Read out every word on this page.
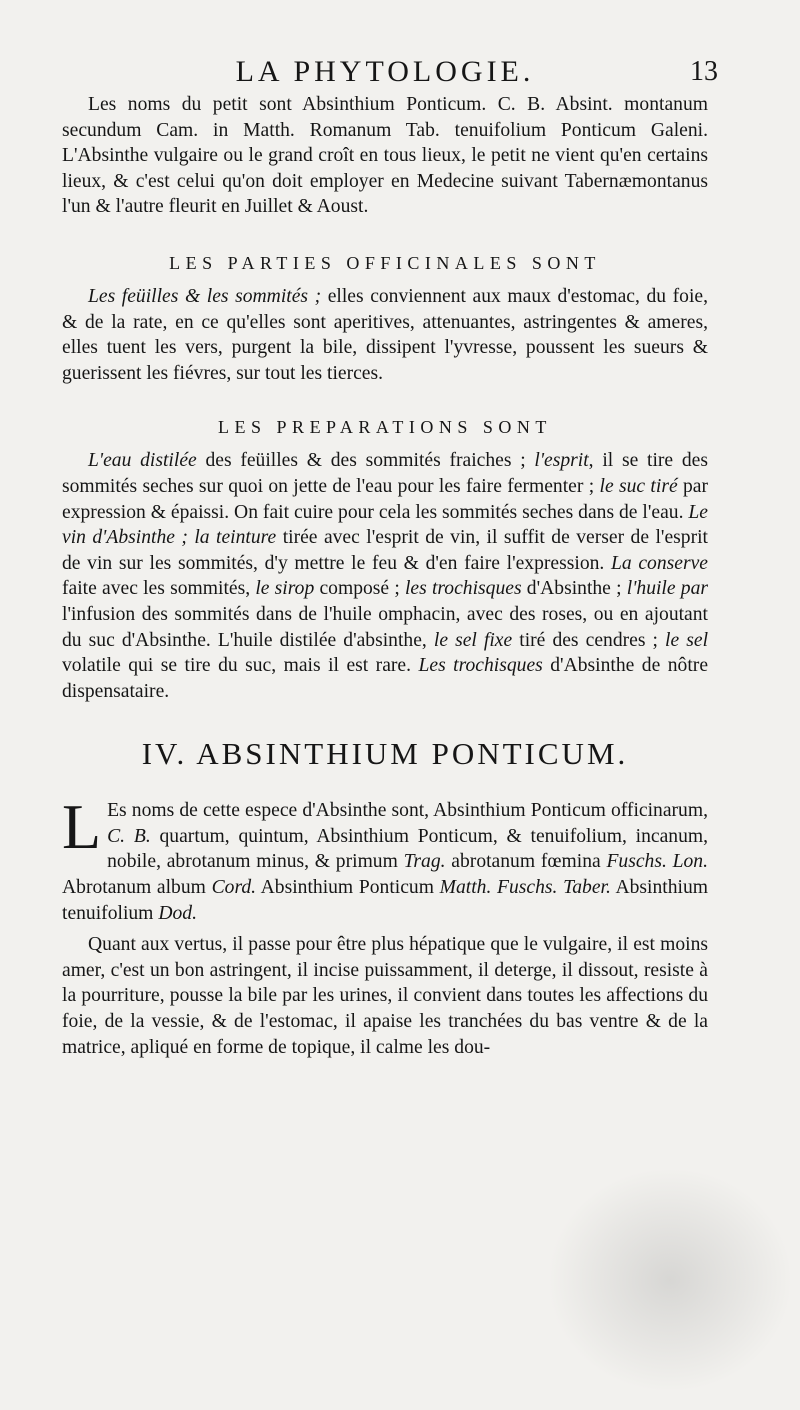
LA PHYTOLOGIE.	13

Les noms du petit sont Absinthium Ponticum. C. B. Absint. montanum secundum Cam. in Matth. Romanum Tab. tenuifolium Ponticum Galeni. L'Absinthe vulgaire ou le grand croît en tous lieux, le petit ne vient qu'en certains lieux, & c'est celui qu'on doit employer en Medecine suivant Tabernæmontanus l'un & l'autre fleurit en Juillet & Aoust.

LES PARTIES OFFICINALES SONT

Les feüilles & les sommités ; elles conviennent aux maux d'estomac, du foie, & de la rate, en ce qu'elles sont aperitives, attenuantes, astringentes & ameres, elles tuent les vers, purgent la bile, dissipent l'yvresse, poussent les sueurs & guerissent les fiévres, sur tout les tierces.

LES PREPARATIONS SONT

L'eau distilée des feüilles & des sommités fraiches ; l'esprit, il se tire des sommités seches sur quoi on jette de l'eau pour les faire fermenter ; le suc tiré par expression & épaissi. On fait cuire pour cela les sommités seches dans de l'eau. Le vin d'Absinthe ; la teinture tirée avec l'esprit de vin, il suffit de verser de l'esprit de vin sur les sommités, d'y mettre le feu & d'en faire l'expression. La conserve faite avec les sommités, le sirop composé ; les trochisques d'Absinthe ; l'huile par l'infusion des sommités dans de l'huile omphacin, avec des roses, ou en ajoutant du suc d'Absinthe. L'huile distilée d'absinthe, le sel fixe tiré des cendres ; le sel volatile qui se tire du suc, mais il est rare. Les trochisques d'Absinthe de nôtre dispensataire.

IV. ABSINTHIUM PONTICUM.

L Es noms de cette espece d'Absinthe sont, Absinthium Ponticum officinarum, C. B. quartum, quintum, Absinthium Ponticum, & tenuifolium, incanum, nobile, abrotanum minus, & primum Trag. abrotanum fœmina Fuschs. Lon. Abrotanum album Cord. Absinthium Ponticum Matth. Fuschs. Taber. Absinthium tenuifolium Dod.

Quant aux vertus, il passe pour être plus hépatique que le vulgaire, il est moins amer, c'est un bon astringent, il incise puissamment, il deterge, il dissout, resiste à la pourriture, pousse la bile par les urines, il convient dans toutes les affections du foie, de la vessie, & de l'estomac, il apaise les tranchées du bas ventre & de la matrice, apliqué en forme de topique, il calme les dou-
